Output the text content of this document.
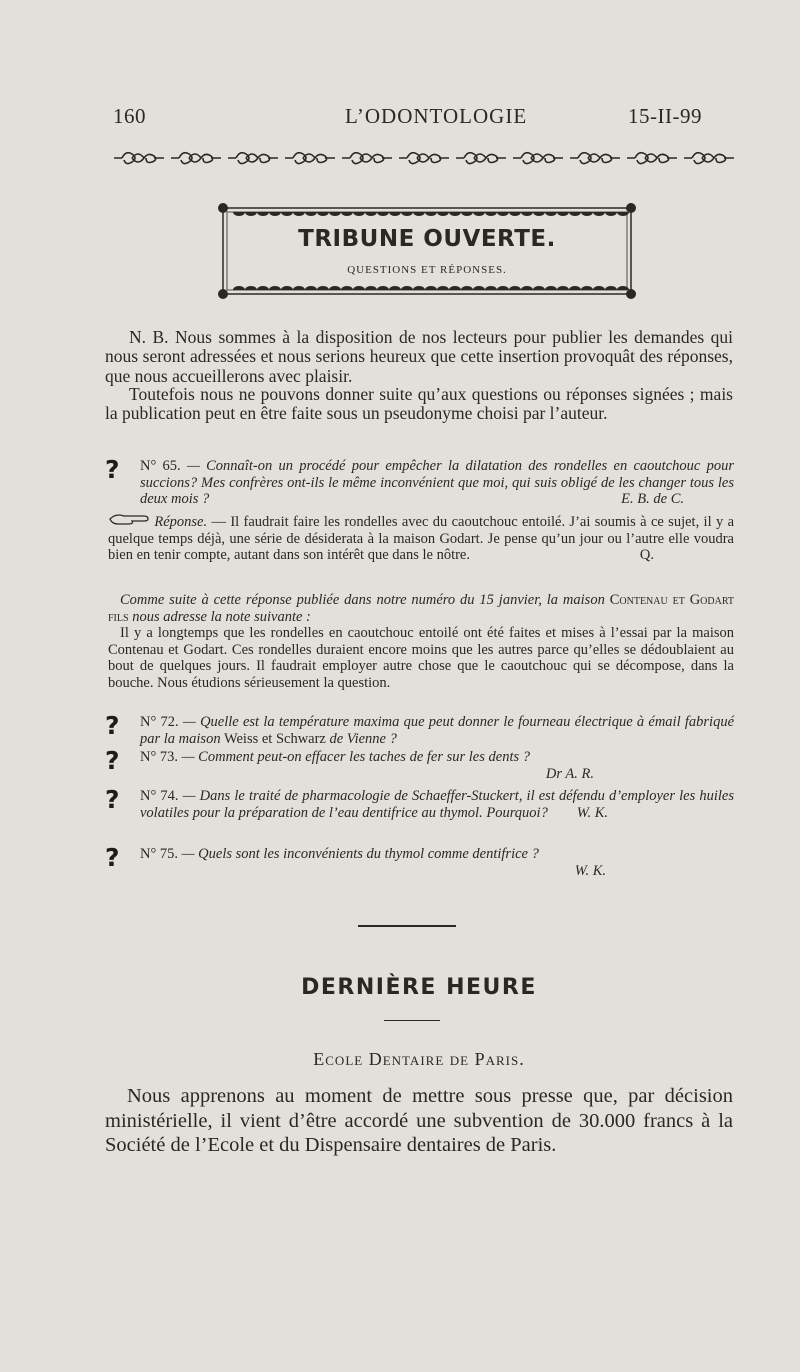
160	L’ODONTOLOGIE	15-II-99
TRIBUNE OUVERTE.
QUESTIONS ET RÉPONSES.
N. B. Nous sommes à la disposition de nos lecteurs pour publier les demandes qui nous seront adressées et nous serions heureux que cette insertion provoquât des réponses, que nous accueillerons avec plaisir.
Toutefois nous ne pouvons donner suite qu’aux questions ou réponses signées ; mais la publication peut en être faite sous un pseudonyme choisi par l’auteur.
?	N° 65. — Connaît-on un procédé pour empêcher la dilatation des rondelles en caoutchouc pour succions? Mes confrères ont-ils le même inconvénient que moi, qui suis obligé de les changer tous les deux mois ?	E. B. de C.
Réponse. — Il faudrait faire les rondelles avec du caoutchouc entoilé. J’ai soumis à ce sujet, il y a quelque temps déjà, une série de désiderata à la maison Godart. Je pense qu’un jour ou l’autre elle voudra bien en tenir compte, autant dans son intérêt que dans le nôtre.	Q.
Comme suite à cette réponse publiée dans notre numéro du 15 janvier, la maison Contenau et Godart fils nous adresse la note suivante :
Il y a longtemps que les rondelles en caoutchouc entoilé ont été faites et mises à l’essai par la maison Contenau et Godart. Ces rondelles duraient encore moins que les autres parce qu’elles se dédoublaient au bout de quelques jours. Il faudrait employer autre chose que le caoutchouc qui se décompose, dans la bouche. Nous étudions sérieusement la question.
?	N° 72. — Quelle est la température maxima que peut donner le fourneau électrique à émail fabriqué par la maison Weiss et Schwarz de Vienne ?
?	N° 73. — Comment peut-on effacer les taches de fer sur les dents ?
Dr A. R.
?	N° 74. — Dans le traité de pharmacologie de Schaeffer-Stuckert, il est défendu d’employer les huiles volatiles pour la préparation de l’eau dentifrice au thymol. Pourquoi? W. K.
?	N° 75. — Quels sont les inconvénients du thymol comme dentifrice ?
W. K.
DERNIÈRE HEURE
Ecole Dentaire de Paris.
Nous apprenons au moment de mettre sous presse que, par décision ministérielle, il vient d’être accordé une subvention de 30.000 francs à la Société de l’Ecole et du Dispensaire dentaires de Paris.
